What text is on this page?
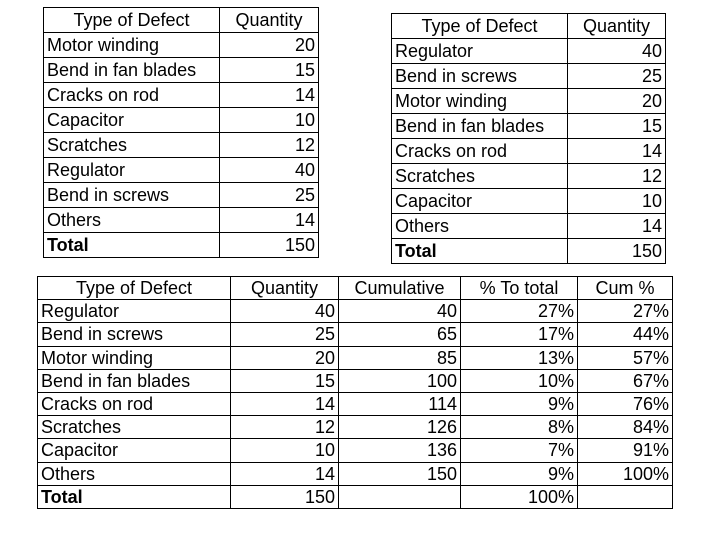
Type of Defect	Quantity
Motor winding	20
Bend in fan blades	15
Cracks on rod	14
Capacitor	10
Scratches	12
Regulator	40
Bend in screws	25
Others	14
Total	150
Type of Defect	Quantity
Regulator	40
Bend in screws	25
Motor winding	20
Bend in fan blades	15
Cracks on rod	14
Scratches	12
Capacitor	10
Others	14
Total	150
Type of Defect	Quantity	Cumulative	% To total	Cum %
Regulator	40	40	27%	27%
Bend in screws	25	65	17%	44%
Motor winding	20	85	13%	57%
Bend in fan blades	15	100	10%	67%
Cracks on rod	14	114	9%	76%
Scratches	12	126	8%	84%
Capacitor	10	136	7%	91%
Others	14	150	9%	100%
Total	150		100%	
